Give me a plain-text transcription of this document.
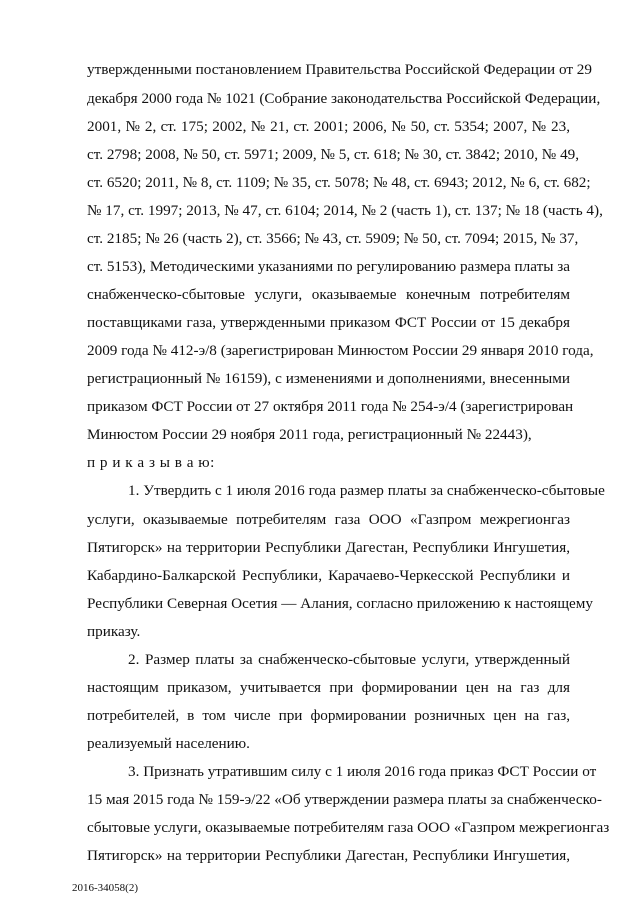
утвержденными постановлением Правительства Российской Федерации от 29
декабря 2000 года № 1021 (Собрание законодательства Российской Федерации,
2001, № 2, ст. 175; 2002, № 21, ст. 2001; 2006, № 50, ст. 5354; 2007, № 23,
ст. 2798; 2008, № 50, ст. 5971; 2009, № 5, ст. 618; № 30, ст. 3842; 2010, № 49,
ст. 6520; 2011, № 8, ст. 1109; № 35, ст. 5078; № 48, ст. 6943; 2012, № 6, ст. 682;
№ 17, ст. 1997; 2013, № 47, ст. 6104; 2014, № 2 (часть 1), ст. 137; № 18 (часть 4),
ст. 2185; № 26 (часть 2), ст. 3566; № 43, ст. 5909; № 50, ст. 7094; 2015, № 37,
ст. 5153), Методическими указаниями по регулированию размера платы за
снабженческо-сбытовые услуги, оказываемые конечным потребителям
поставщиками газа, утвержденными приказом ФСТ России от 15 декабря
2009 года № 412-э/8 (зарегистрирован Минюстом России 29 января 2010 года,
регистрационный № 16159), с изменениями и дополнениями, внесенными
приказом ФСТ России от 27 октября 2011 года № 254-э/4 (зарегистрирован
Минюстом России 29 ноября 2011 года, регистрационный № 22443),
п р и к а з ы в а ю:
1. Утвердить с 1 июля 2016 года размер платы за снабженческо-сбытовые
услуги, оказываемые потребителям газа ООО «Газпром межрегионгаз
Пятигорск» на территории Республики Дагестан, Республики Ингушетия,
Кабардино-Балкарской Республики, Карачаево-Черкесской Республики и
Республики Северная Осетия — Алания, согласно приложению к настоящему
приказу.
2. Размер платы за снабженческо-сбытовые услуги, утвержденный
настоящим приказом, учитывается при формировании цен на газ для
потребителей, в том числе при формировании розничных цен на газ,
реализуемый населению.
3. Признать утратившим силу с 1 июля 2016 года приказ ФСТ России от
15 мая 2015 года № 159-э/22 «Об утверждении размера платы за снабженческо-
сбытовые услуги, оказываемые потребителям газа ООО «Газпром межрегионгаз
Пятигорск» на территории Республики Дагестан, Республики Ингушетия,
2016-34058(2)
